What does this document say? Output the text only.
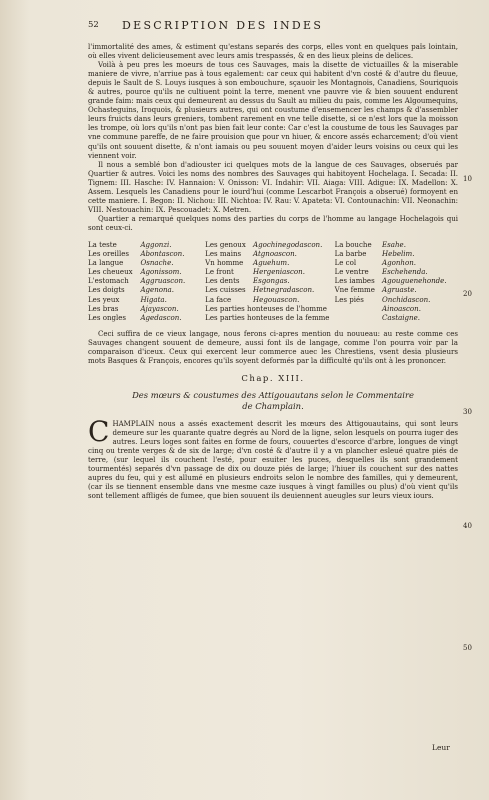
52 DESCRIPTION DES INDES

l'immortalité des ames, & estiment qu'estans separés des corps, elles vont en quelques païs lointain, où elles vivent delicieusement avec leurs amis trespassés, & en des lieux pleins de delices.

Voilà à peu pres les moeurs de tous ces Sauvages, mais la disette de victuailles & la miserable maniere de vivre, n'arriue pas à tous egalement: car ceux qui habitent d'vn costé & d'autre du fleuue, depuis le Sault de S. Louys iusques à son embouchure, sçauoir les Montagnois, Canadiens, Souriquois & autres, pource qu'ils ne cultiuent point la terre, menent vne pauvre vie & bien souuent endurent grande faim: mais ceux qui demeurent au dessus du Sault au milieu du pais, comme les Algoumequins, Ochasteguins, Iroquois, & plusieurs autres, qui ont coustume d'ensemencer les champs & d'assembler leurs fruicts dans leurs greniers, tombent rarement en vne telle disette, si ce n'est lors que la moisson les trompe, où lors qu'ils n'ont pas bien fait leur conte: Car c'est la coustume de tous les Sauvages par vne commune pareffe, de ne faire prouision que pour vn hiuer, & encore assés echarcement; d'où vient qu'ils ont souuent disette, & n'ont iamais ou peu souuent moyen d'aider leurs voisins ou ceux qui les viennent voir.

Il nous a semblé bon d'adiouster ici quelques mots de la langue de ces Sauvages, obserués par Quartier & autres. Voici les noms des nombres des Sauvages qui habitoyent Hochelaga. I. Secada: II. Tignem: III. Hasche: IV. Hannaion: V. Onisson: VI. Indahir: VII. Aiaga: VIII. Adigue: IX. Madellon: X. Assem. Lesquels les Canadiens pour le iourd'hui (comme Lescarbot François a obserué) formoyent en cette maniere. I. Begon: II. Nichou: III. Nichtoa: IV. Rau: V. Apateta: VI. Contounachin: VII. Neonachin: VIII. Nestouachin: IX. Pescouadet: X. Metren.

Quartier a remarqué quelques noms des parties du corps de l'homme au langage Hochelagois qui sont ceux-ci.

La teste	Aggonzi.	Les genoux	Agochinegodascon.	La bouche	Esahe.
Les oreilles	Abontascon.	Les mains	Atgnoascon.	La barbe	Hebelim.
La langue	Osnache.	Vn homme	Aguehum.	Le col	Agonhon.
Les cheueux	Agonissom.	Le front	Hergeniascon.	Le ventre	Eschehenda.
L'estomach	Aggruascon.	Les dents	Esgongas.	Les iambes	Agouguenehonde.
Les doigts	Agenona.	Les cuisses	Hetnegradascon.	Vne femme	Agruaste.
Les yeux	Higata.	La face	Hegouascon.	Les piés	Onchidascon.
Les bras	Ajayascon.	Les parties honteuses de l'homme			Ainoascon.
Les ongles	Agedascon.	Les parties honteuses de la femme			Castaigne.

Ceci suffira de ce vieux langage, nous ferons ci-apres mention du nouueau: au reste comme ces Sauvages changent souuent de demeure, aussi font ils de langage, comme l'on pourra voir par la comparaison d'iceux. Ceux qui exercent leur commerce auec les Chrestiens, vsent desia plusieurs mots Basques & François, encores qu'ils soyent deformés par la difficulté qu'ils ont à les prononcer.

Chap. XIII.
Des mœurs & coustumes des Attigouautans selon le Commentaire
de Champlain.

CHAMPLAIN nous a assés exactement descrit les mœurs des Attigouautains, qui sont leurs demeure sur les quarante quatre degrés au Nord de la ligne, selon lesquels on pourra iuger des autres. Leurs loges sont faites en forme de fours, couuertes d'escorce d'arbre, longues de vingt cinq ou trente verges & de six de large; d'vn costé & d'autre il y a vn plancher esleué quatre piés de terre, (sur lequel ils couchent l'esté, pour esuiter les puces, desquelles ils sont grandement tourmentés) separés d'vn passage de dix ou douze piés de large; l'hiuer ils couchent sur des nattes aupres du feu, qui y est allumé en plusieurs endroits selon le nombre des familles, qui y demeurent, (car ils se tiennent ensemble dans vne mesme caze iusques à vingt familles ou plus) d'où vient qu'ils sont tellement affligés de fumee, que bien souuent ils deuiennent aueugles sur leurs vieux iours.

10
20
30
40
50
Leur
